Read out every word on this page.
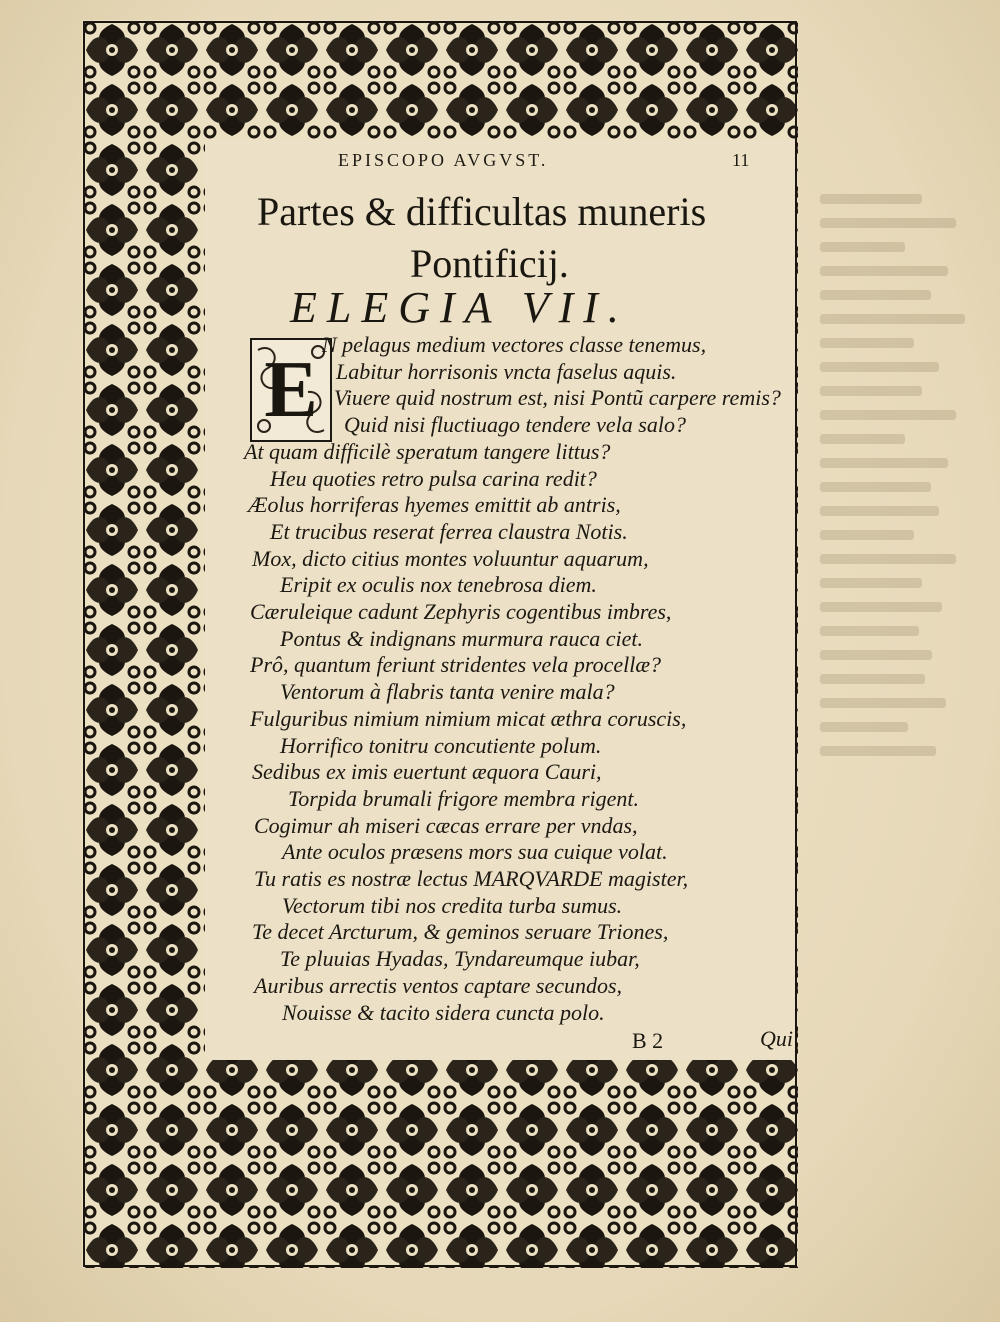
EPISCOPO AVGVST.	11
Partes & difficultas muneris
Pontificij.
ELEGIA VII.
E
N pelagus medium vectores classe tenemus,
Labitur horrisonis vncta faselus aquis.
Viuere quid nostrum est, nisi Pontũ carpere remis?
Quid nisi fluctiuago tendere vela salo?
At quam difficilè speratum tangere littus?
Heu quoties retro pulsa carina redit?
Æolus horriferas hyemes emittit ab antris,
Et trucibus reserat ferrea claustra Notis.
Mox, dicto citius montes voluuntur aquarum,
Eripit ex oculis nox tenebrosa diem.
Cæruleique cadunt Zephyris cogentibus imbres,
Pontus & indignans murmura rauca ciet.
Prô, quantum feriunt stridentes vela procellæ?
Ventorum à flabris tanta venire mala?
Fulguribus nimium nimium micat æthra coruscis,
Horrifico tonitru concutiente polum.
Sedibus ex imis euertunt æquora Cauri,
Torpida brumali frigore membra rigent.
Cogimur ah miseri cæcas errare per vndas,
Ante oculos præsens mors sua cuique volat.
Tu ratis es nostræ lectus MARQVARDE magister,
Vectorum tibi nos credita turba sumus.
Te decet Arcturum, & geminos seruare Triones,
Te pluuias Hyadas, Tyndareumque iubar,
Auribus arrectis ventos captare secundos,
Nouisse & tacito sidera cuncta polo.
B 2	Qui
